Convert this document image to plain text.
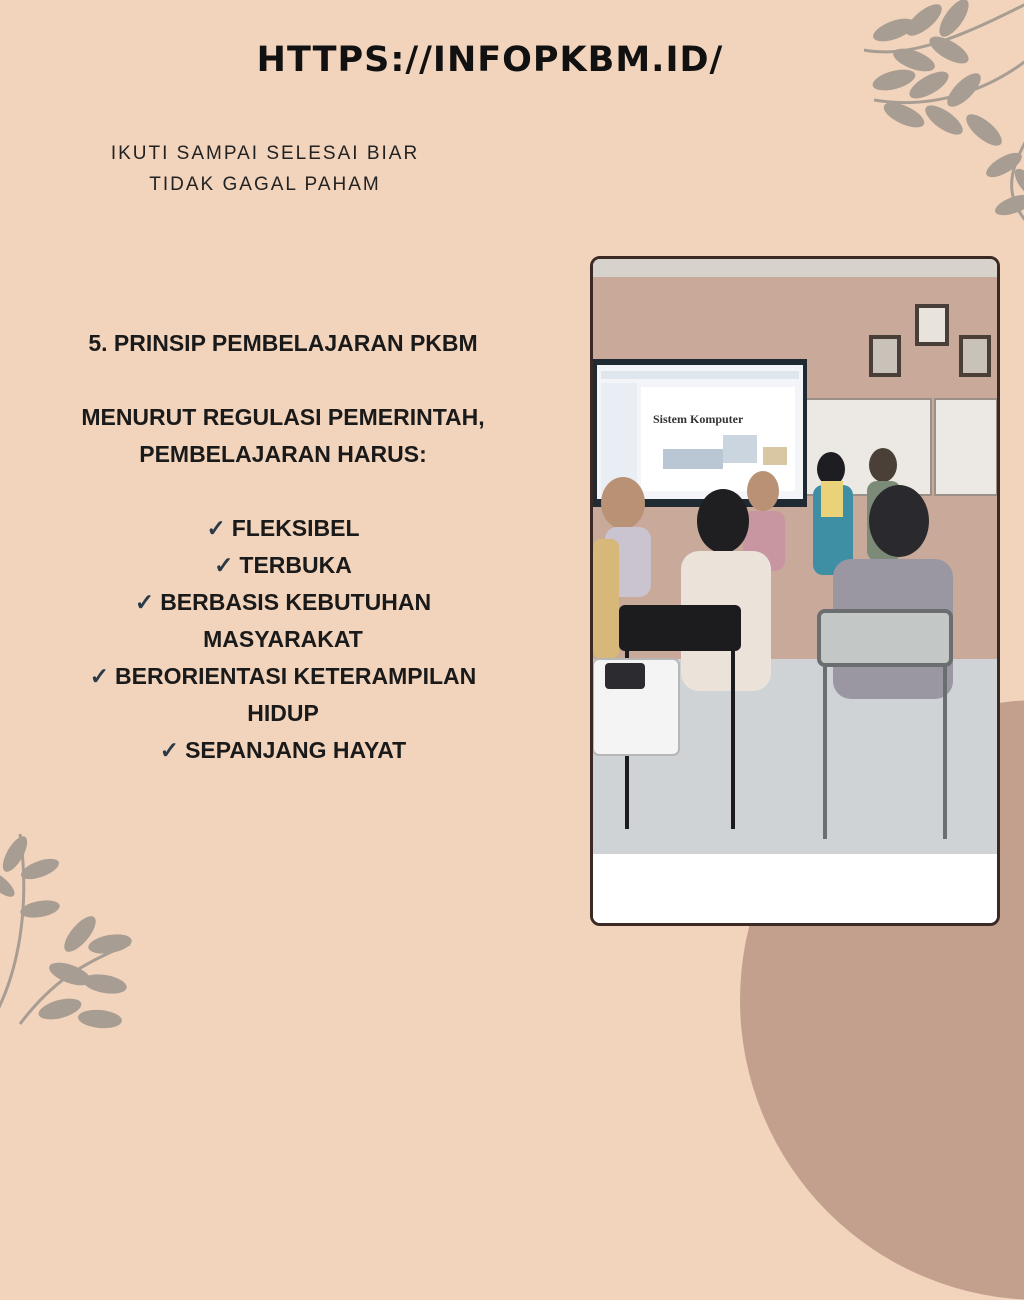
HTTPS://INFOPKBM.ID/
IKUTI SAMPAI SELESAI BIAR
TIDAK GAGAL PAHAM
5. PRINSIP PEMBELAJARAN PKBM
MENURUT REGULASI PEMERINTAH,
PEMBELAJARAN HARUS:
✓ FLEKSIBEL
✓ TERBUKA
✓ BERBASIS KEBUTUHAN
MASYARAKAT
✓ BERORIENTASI KETERAMPILAN
HIDUP
✓ SEPANJANG HAYAT
Sistem Komputer
